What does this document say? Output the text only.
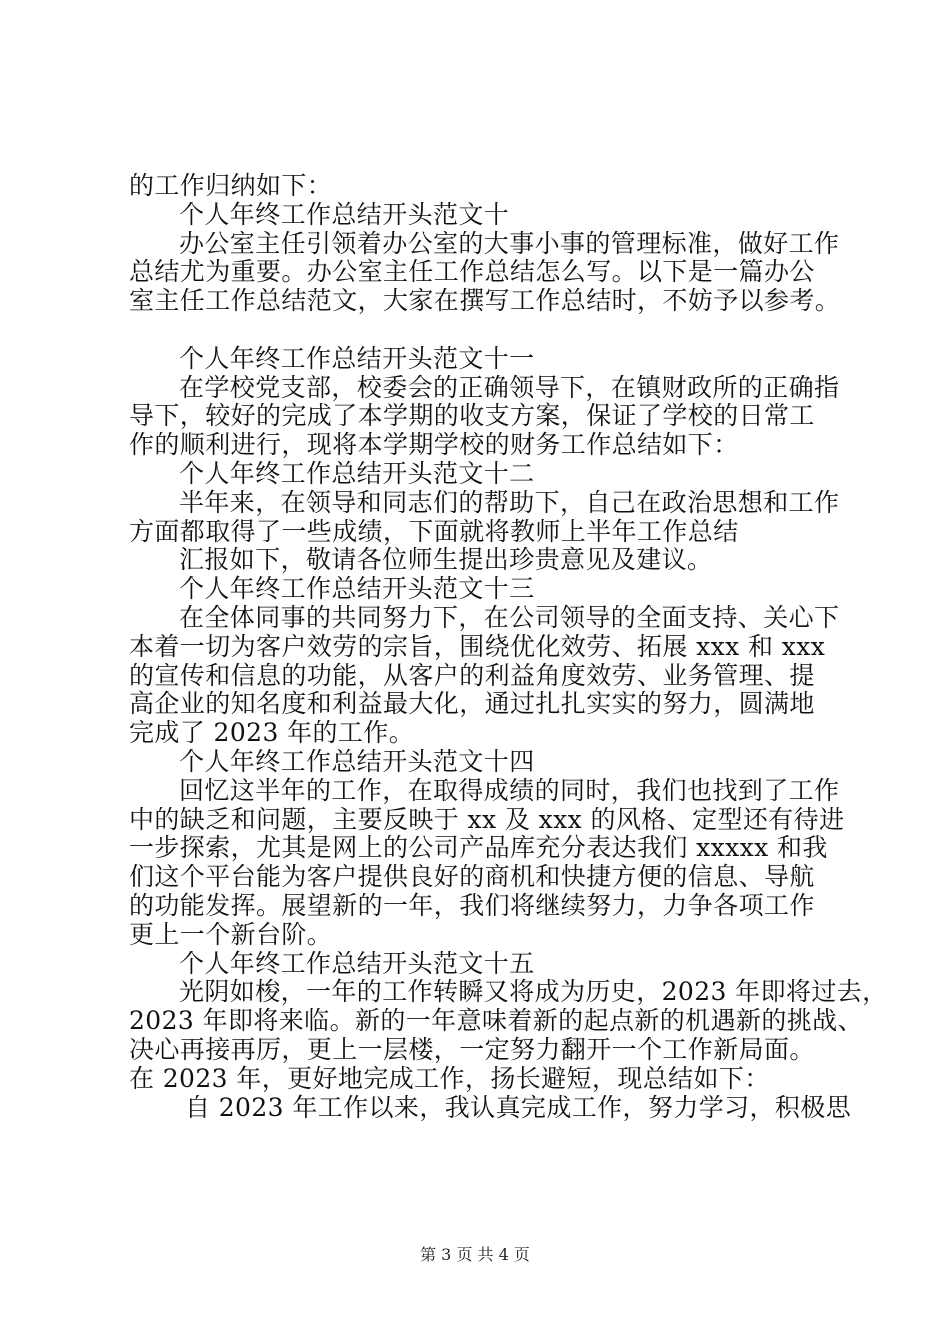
的工作归纳如下：
个人年终工作总结开头范文十
办公室主任引领着办公室的大事小事的管理标准，做好工作
总结尤为重要。办公室主任工作总结怎么写。以下是一篇办公
室主任工作总结范文，大家在撰写工作总结时，不妨予以参考。
个人年终工作总结开头范文十一
在学校党支部，校委会的正确领导下，在镇财政所的正确指
导下，较好的完成了本学期的收支方案，保证了学校的日常工
作的顺利进行，现将本学期学校的财务工作总结如下：
个人年终工作总结开头范文十二
半年来，在领导和同志们的帮助下，自己在政治思想和工作
方面都取得了一些成绩，下面就将教师上半年工作总结
汇报如下，敬请各位师生提出珍贵意见及建议。
个人年终工作总结开头范文十三
在全体同事的共同努力下，在公司领导的全面支持、关心下
本着一切为客户效劳的宗旨，围绕优化效劳、拓展 xxx 和 xxx
的宣传和信息的功能，从客户的利益角度效劳、业务管理、提
高企业的知名度和利益最大化，通过扎扎实实的努力，圆满地
完成了 2023 年的工作。
个人年终工作总结开头范文十四
回忆这半年的工作，在取得成绩的同时，我们也找到了工作
中的缺乏和问题，主要反映于 xx 及 xxx 的风格、定型还有待进
一步探索，尤其是网上的公司产品库充分表达我们 xxxxx 和我
们这个平台能为客户提供良好的商机和快捷方便的信息、导航
的功能发挥。展望新的一年，我们将继续努力，力争各项工作
更上一个新台阶。
个人年终工作总结开头范文十五
光阴如梭，一年的工作转瞬又将成为历史，2023 年即将过去，
2023 年即将来临。新的一年意味着新的起点新的机遇新的挑战、
决心再接再厉，更上一层楼，一定努力翻开一个工作新局面。
在 2023 年，更好地完成工作，扬长避短，现总结如下：
自 2023 年工作以来，我认真完成工作，努力学习，积极思
第 3 页 共 4 页
